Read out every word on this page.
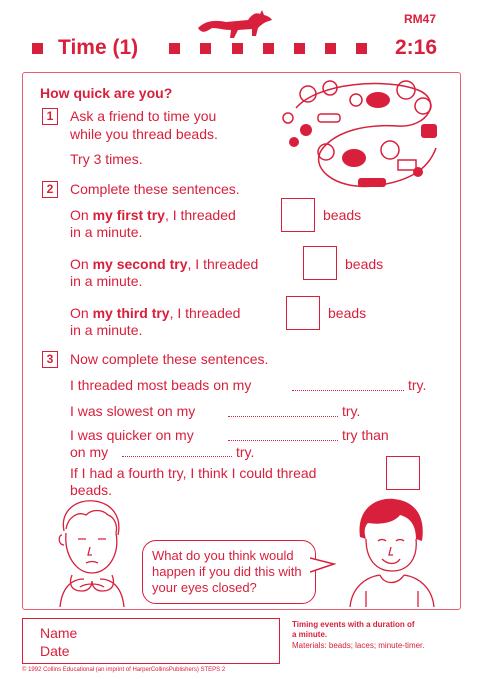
RM47
Time (1)	2:16
How quick are you?
1	Ask a friend to time you
while you thread beads.
Try 3 times.
2	Complete these sentences.
On my first try, I threaded	beads
in a minute.
On my second try, I threaded	beads
in a minute.
On my third try, I threaded	beads
in a minute.
3	Now complete these sentences.
I threaded most beads on my	try.
I was slowest on my	try.
I was quicker on my	try than
on my	try.
If I had a fourth try, I think I could thread
beads.
What do you think would
happen if you did this with
your eyes closed?
Name
Date
Timing events with a duration of
a minute.
Materials: beads; laces; minute-timer.
© 1992 Collins Educational (an imprint of HarperCollinsPublishers) STEPS 2
